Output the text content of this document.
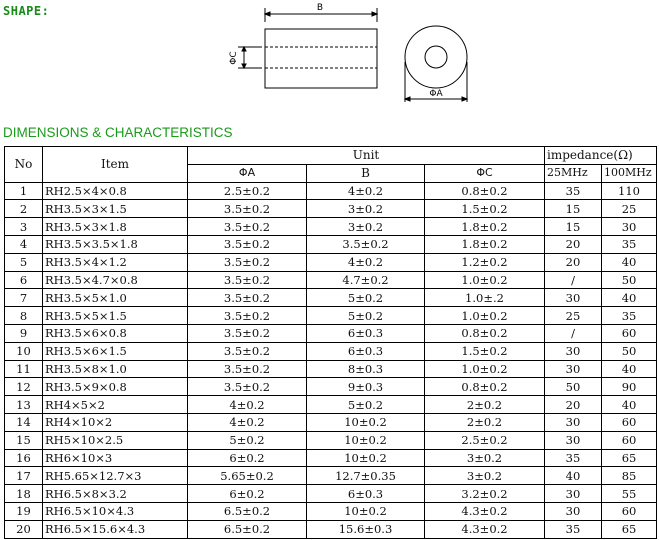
SHAPE:	B
ΦC
ΦA
DIMENSIONS & CHARACTERISTICS
No	Item	Unit			impedance(Ω)	
		ΦA	B	ΦC	25MHz	100MHz
1	RH2.5×4×0.8	2.5±0.2	4±0.2	0.8±0.2	35	110
2	RH3.5×3×1.5	3.5±0.2	3±0.2	1.5±0.2	15	25
3	RH3.5×3×1.8	3.5±0.2	3±0.2	1.8±0.2	15	30
4	RH3.5×3.5×1.8	3.5±0.2	3.5±0.2	1.8±0.2	20	35
5	RH3.5×4×1.2	3.5±0.2	4±0.2	1.2±0.2	20	40
6	RH3.5×4.7×0.8	3.5±0.2	4.7±0.2	1.0±0.2	/	50
7	RH3.5×5×1.0	3.5±0.2	5±0.2	1.0±.2	30	40
8	RH3.5×5×1.5	3.5±0.2	5±0.2	1.0±0.2	25	35
9	RH3.5×6×0.8	3.5±0.2	6±0.3	0.8±0.2	/	60
10	RH3.5×6×1.5	3.5±0.2	6±0.3	1.5±0.2	30	50
11	RH3.5×8×1.0	3.5±0.2	8±0.3	1.0±0.2	30	40
12	RH3.5×9×0.8	3.5±0.2	9±0.3	0.8±0.2	50	90
13	RH4×5×2	4±0.2	5±0.2	2±0.2	20	40
14	RH4×10×2	4±0.2	10±0.2	2±0.2	30	60
15	RH5×10×2.5	5±0.2	10±0.2	2.5±0.2	30	60
16	RH6×10×3	6±0.2	10±0.2	3±0.2	35	65
17	RH5.65×12.7×3	5.65±0.2	12.7±0.35	3±0.2	40	85
18	RH6.5×8×3.2	6±0.2	6±0.3	3.2±0.2	30	55
19	RH6.5×10×4.3	6.5±0.2	10±0.2	4.3±0.2	30	60
20	RH6.5×15.6×4.3	6.5±0.2	15.6±0.3	4.3±0.2	35	65
